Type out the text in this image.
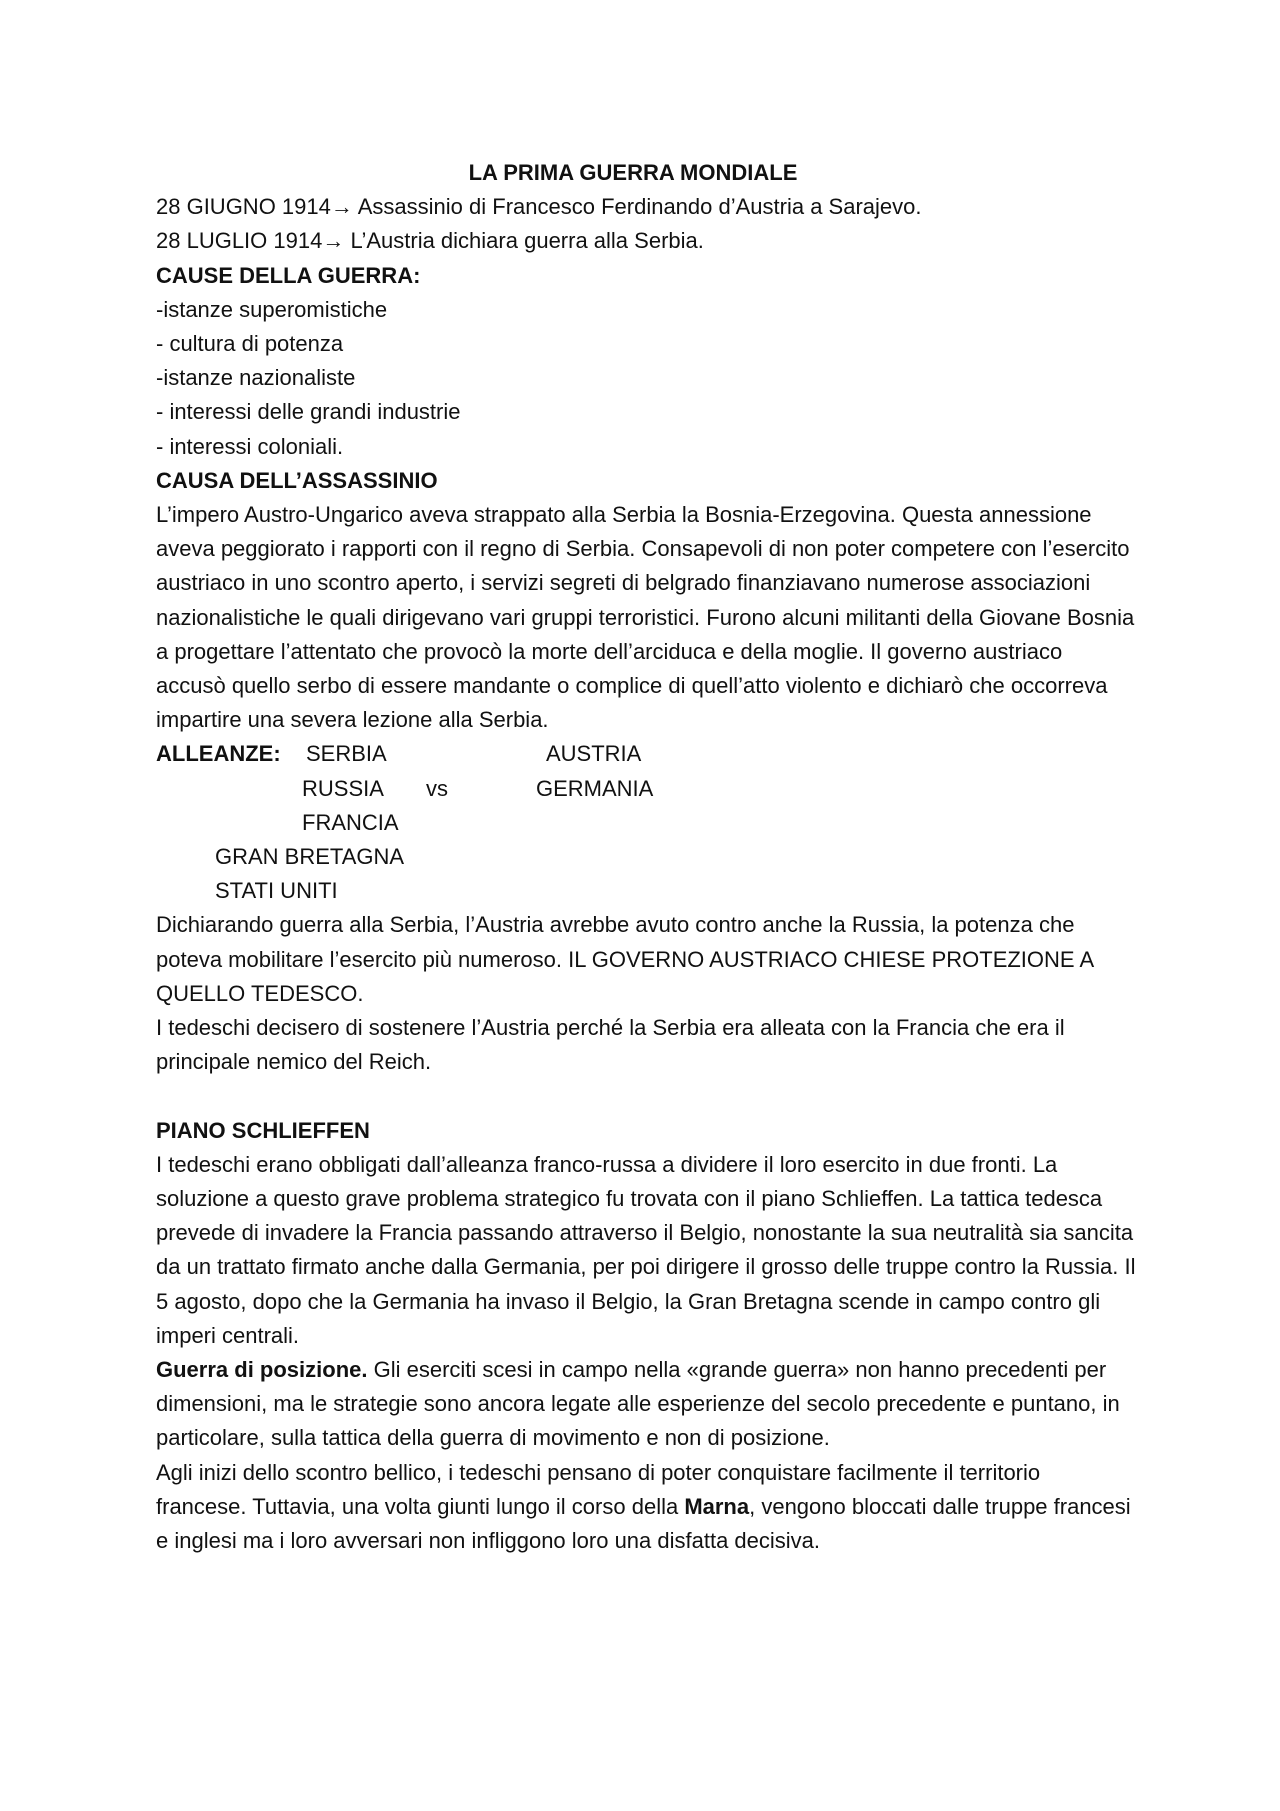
LA PRIMA GUERRA MONDIALE
28 GIUGNO 1914→ Assassinio di Francesco Ferdinando d’Austria a Sarajevo.
28 LUGLIO 1914→ L’Austria dichiara guerra alla Serbia.
CAUSE DELLA GUERRA:
-istanze superomistiche
- cultura di potenza
-istanze nazionaliste
- interessi delle grandi industrie
- interessi coloniali.
CAUSA DELL’ASSASSINIO

L’impero Austro-Ungarico aveva strappato alla Serbia la Bosnia-Erzegovina. Questa annessione aveva peggiorato i rapporti con il regno di Serbia. Consapevoli di non poter competere con l’esercito austriaco in uno scontro aperto, i servizi segreti di belgrado finanziavano numerose associazioni nazionalistiche le quali dirigevano vari gruppi terroristici. Furono alcuni militanti della Giovane Bosnia a progettare l’attentato che provocò la morte dell’arciduca e della moglie. Il governo austriaco accusò quello serbo di essere mandante o complice di quell’atto violento e dichiarò che occorreva impartire una severa lezione alla Serbia.

ALLEANZE: SERBIA	AUSTRIA
RUSSIA vs	GERMANIA
FRANCIA
GRAN BRETAGNA
STATI UNITI

Dichiarando guerra alla Serbia, l’Austria avrebbe avuto contro anche la Russia, la potenza che poteva mobilitare l’esercito più numeroso. IL GOVERNO AUSTRIACO CHIESE PROTEZIONE A QUELLO TEDESCO.

I tedeschi decisero di sostenere l’Austria perché la Serbia era alleata con la Francia che era il principale nemico del Reich.

PIANO SCHLIEFFEN

I tedeschi erano obbligati dall’alleanza franco-russa a dividere il loro esercito in due fronti. La soluzione a questo grave problema strategico fu trovata con il piano Schlieffen. La tattica tedesca prevede di invadere la Francia passando attraverso il Belgio, nonostante la sua neutralità sia sancita da un trattato firmato anche dalla Germania, per poi dirigere il grosso delle truppe contro la Russia. Il 5 agosto, dopo che la Germania ha invaso il Belgio, la Gran Bretagna scende in campo contro gli imperi centrali.

Guerra di posizione. Gli eserciti scesi in campo nella «grande guerra» non hanno precedenti per dimensioni, ma le strategie sono ancora legate alle esperienze del secolo precedente e puntano, in particolare, sulla tattica della guerra di movimento e non di posizione.

Agli inizi dello scontro bellico, i tedeschi pensano di poter conquistare facilmente il territorio francese. Tuttavia, una volta giunti lungo il corso della Marna, vengono bloccati dalle truppe francesi e inglesi ma i loro avversari non infliggono loro una disfatta decisiva.
